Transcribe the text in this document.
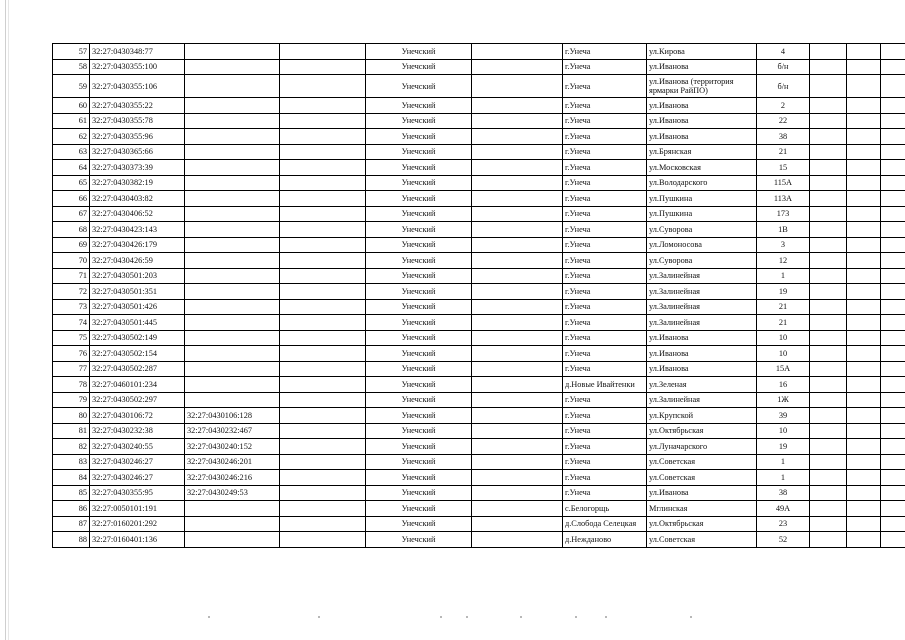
57	32:27:0430348:77			Унечский		г.Унеча	ул.Кирова	4			
58	32:27:0430355:100			Унечский		г.Унеча	ул.Иванова	б/н			
59	32:27:0430355:106			Унечский		г.Унеча	ул.Иванова (территория ярмарки РайПО)	б/н			
60	32:27:0430355:22			Унечский		г.Унеча	ул.Иванова	2			
61	32:27:0430355:78			Унечский		г.Унеча	ул.Иванова	22			
62	32:27:0430355:96			Унечский		г.Унеча	ул.Иванова	38			
63	32:27:0430365:66			Унечский		г.Унеча	ул.Брянская	21			
64	32:27:0430373:39			Унечский		г.Унеча	ул.Московская	15			
65	32:27:0430382:19			Унечский		г.Унеча	ул.Володарского	115А			
66	32:27:0430403:82			Унечский		г.Унеча	ул.Пушкина	113А			
67	32:27:0430406:52			Унечский		г.Унеча	ул.Пушкина	173			
68	32:27:0430423:143			Унечский		г.Унеча	ул.Суворова	1В			
69	32:27:0430426:179			Унечский		г.Унеча	ул.Ломоносова	3			
70	32:27:0430426:59			Унечский		г.Унеча	ул.Суворова	12			
71	32:27:0430501:203			Унечский		г.Унеча	ул.Залинейная	1			
72	32:27:0430501:351			Унечский		г.Унеча	ул.Залинейная	19			
73	32:27:0430501:426			Унечский		г.Унеча	ул.Залинейная	21			
74	32:27:0430501:445			Унечский		г.Унеча	ул.Залинейная	21			
75	32:27:0430502:149			Унечский		г.Унеча	ул.Иванова	10			
76	32:27:0430502:154			Унечский		г.Унеча	ул.Иванова	10			
77	32:27:0430502:287			Унечский		г.Унеча	ул.Иванова	15А			
78	32:27:0460101:234			Унечский		д.Новые Ивайтенки	ул.Зеленая	16			
79	32:27:0430502:297			Унечский		г.Унеча	ул.Залинейная	1Ж			
80	32:27:0430106:72	32:27:0430106:128		Унечский		г.Унеча	ул.Крупской	39			
81	32:27:0430232:38	32:27:0430232:467		Унечский		г.Унеча	ул.Октябрьская	10			
82	32:27:0430240:55	32:27:0430240:152		Унечский		г.Унеча	ул.Луначарского	19			
83	32:27:0430246:27	32:27:0430246:201		Унечский		г.Унеча	ул.Советская	1			
84	32:27:0430246:27	32:27:0430246:216		Унечский		г.Унеча	ул.Советская	1			
85	32:27:0430355:95	32:27:0430249:53		Унечский		г.Унеча	ул.Иванова	38			
86	32:27:0050101:191			Унечский		с.Белогорщь	Мглинская	49А			
87	32:27:0160201:292			Унечский		д.Слобода Селецкая	ул.Октябрьская	23			
88	32:27:0160401:136			Унечский		д.Нежданово	ул.Советская	52			
